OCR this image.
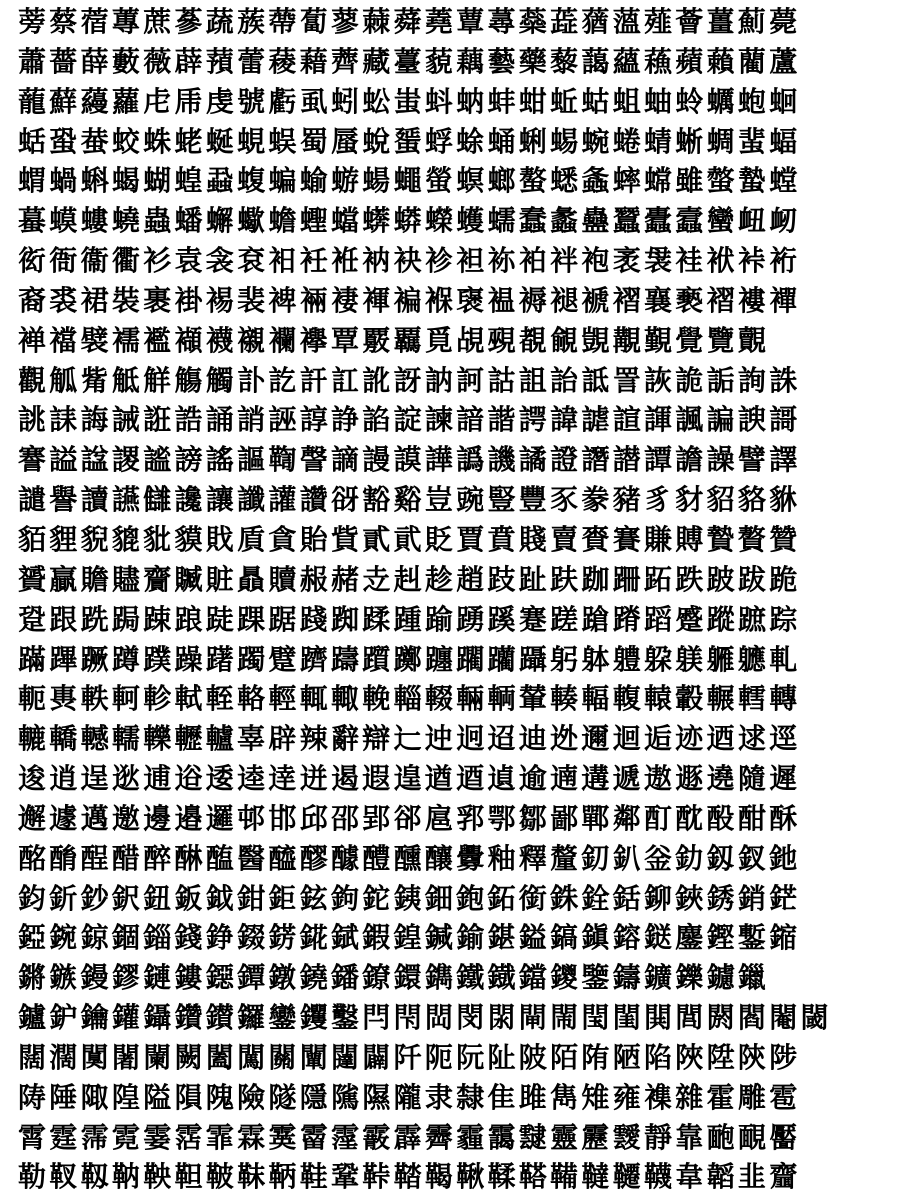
蒡蔡蓿蓴蔗蔘蔬蔟蔕蔔蓼蕀蕣蕘蕈蕁蘂蕋蕕薀薤薈薑薊薨
蕭薔薛藪薇薜蕷蕾薐藉薺藏薹藐藕藝藥藜藹蘊蘓蘋藾藺蘆
蘢蘚蘰蘿虍乕虔號虧虱蚓蚣蚩蚪蚋蚌蚶蚯蛄蛆蚰蛉蠣蚫蛔
蛞蛩蛬蛟蛛蛯蜒蜆蜈蜀蜃蛻蜑蜉蜍蛹蜊蜴蜿蜷蜻蜥蜩蜚蝠
蝟蝸蝌蝎蝴蝗蝨蝮蝙蝓蝣蝪蠅螢螟螂螯蟋螽蟀蟐雖螫蟄螳
蟇蟆螻蟯蟲蟠蠏蠍蟾蟶蟷蠎蟒蠑蠖蠕蠢蠡蠱蠶蠹蠧蠻衄衂
衒衙衞衢衫袁衾袞衵衽袵衲袂袗袒袮袙袢袍袤袰袿袱裃裄
裔裘裙裝裹褂裼裴裨裲褄褌褊褓襃褞褥褪褫褶襄褻褶褸襌
褝襠襞襦襤襭襪襯襴襷覃覈覊覓覘覡覩覦覬覯覲覺覽覿
觀觚觜觝觧觴觸訃訖訐訌訛訝訥訶詁詛詒詆詈詼詭詬詢誅
誂誄誨誡誑誥誦誚誣諄諍諂諚諫諳諧諤諱謔諠諢諷諞諛謌
謇謚諡謖謐謗謠謳鞫謦謫謾謨譁譌譏譎證譖譛譚譫譟譬譯
譴譽讀讌讎讒讓讖讙讚谺豁谿豈豌豎豐豕豢豬豸豺貂貉貅
貊貍貎貔豼貘戝貭貪貽貲貳貮貶賈賁賤賣賚賽賺賻贄贅贊
贇贏贍贐齎贓賍贔贖赧赭赱赳趁趙跂趾趺跏跚跖跌跛跋跪
跫跟跣跼踈踉跿踝踞踐踟蹂踵踰踴蹊蹇蹉蹌蹐蹈蹙蹤蹠踪
蹣蹕蹶蹲蹼躁躇躅躄躋躊躓躑躔躙躪躡躬躰軆躱躾軅軈軋
軛軣軼軻軫軾輊輅輕輒輙輓輜輟輛輌輦輳輻輹轅轂輾轌轉
轆轎轗轜轢轣轤辜辟辣辭辯辷迚迥迢迪迯邇迴逅迹迺逑逕
逡逍逞逖逋逧逶逵逹迸遏遐遑遒逎遉逾遖遘遞遨遯遶隨遲
邂遽邁邀邊邉邏邨邯邱邵郢郤扈郛鄂鄒鄙鄲鄰酊酖酘酣酥
酩酳酲醋醉醂醢醫醯醪醵醴醺釀釁釉釋釐釖釟釡釛釼釵釶
鈞釿鈔鈬鈕鈑鉞鉗鉅鉉鉤鉈銕鈿鉋鉐銜銖銓銛鉚鋏銹銷鋩
錏鋺鍄錮錙錢錚錣錺錵錻鍜鍠鍼鍮鍖鎰鎬鎭鎔鎹鏖鏗鏨鏥
鏘鏃鏝鏐鏈鏤鐚鐔鐓鐃鐇鐐鐶鐫鐵鐡鐺鑁鑒鑄鑛鑠鑢鑞
鑪鈩鑰鑵鑷鑽鑚鑼鑾钁鑿閂閇閊閔閖閘閙閠閨閧閭閼閻閹閾
闊濶闃闍闌闕闔闖關闡闥闢阡阨阮阯陂陌陏陋陷陜陞陝陟
陦陲陬隍隘隕隗險隧隱隲隰隴隶隸隹雎雋雉雍襍雜霍雕雹
霄霆霈霓霎霑霏霖霙霤霪霰霹霽霾靄靆靈靂靉靜靠靤靦靨
勒靫靱靹鞅靼鞁靺鞆鞋鞏鞐鞜鞨鞦鞣鞳鞴韃韆韈韋韜韭齏
